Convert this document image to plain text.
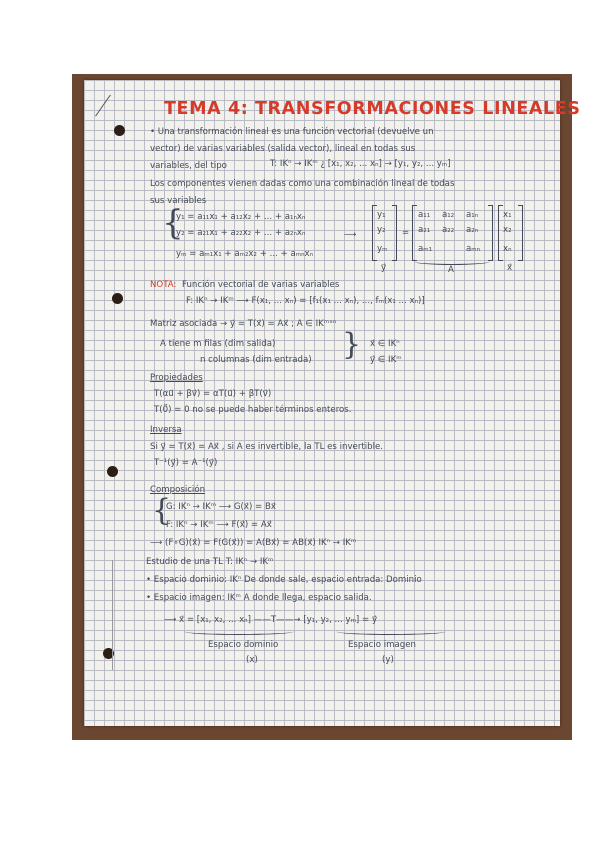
TEMA 4: TRANSFORMACIONES LINEALES
• Una transformación lineal es una función vectorial (devuelve un
vector) de varias variables (salida vector), lineal en todas sus
variables, del tipo	T: IKⁿ → IKᵐ ¿ [x₁, x₂, ... xₙ] → [y₁, y₂, ... yₘ]
Los componentes vienen dadas como una combinación lineal de todas
sus variables
{
y₁ = a₁₁x₁ + a₁₂x₂ + ... + a₁ₙxₙ
y₂ = a₂₁x₁ + a₂₂x₂ + ... + a₂ₙxₙ
yₘ = aₘ₁x₁ + aₘ₂x₂ + ... + aₘₙxₙ
⟶
y₁
y₂
yₘ
y⃗
=
a₁₁ a₁₂ a₁ₙ
a₂₁ a₂₂ a₂ₙ
aₘ₁	aₘₙ
A
x₁
x₂
xₙ
x⃗
NOTA: Función vectorial de varias variables
F: IKⁿ → IKᵐ ⟶ F(x₁, ... xₙ) = [f₁(x₁ ... xₙ), ..., fₘ(x₁ ... xₙ)]
Matriz asociada → y⃗ = T(x⃗) = Ax⃗ ; A ∈ IKᵐˣⁿ
A tiene m filas (dim salida)
n columnas (dim entrada) } x⃗ ∈ IKⁿ
y⃗ ∈ IKᵐ
Propiedades
T(αu⃗ + βv⃗) = αT(u⃗) + βT(v⃗)
T(0⃗) = 0 no se puede haber términos enteros.
Inversa
Si y⃗ = T(x⃗) = Ax⃗ , si A es invertible, la TL es invertible.
T⁻¹(y⃗) = A⁻¹(y⃗)
Composición
{
G: IKⁿ → IKᵐ ⟶ G(x⃗) = Bx⃗
F: IKⁿ → IKᵐ ⟶ F(x⃗) = Ax⃗
⟶ (F∘G)(x⃗) = F(G(x⃗)) = A(Bx⃗) = AB(x⃗) IKⁿ → IKᵐ
Estudio de una TL T: IKⁿ → IKᵐ
• Espacio dominio: IKⁿ De donde sale, espacio entrada: Dominio
• Espacio imagen: IKᵐ A donde llega, espacio salida.
⟶ x⃗ = [x₁, x₂, ... xₙ] ——T——→ [y₁, y₂, ... yₘ] = y⃗
Espacio dominio
(x)
Espacio imagen
(y)
